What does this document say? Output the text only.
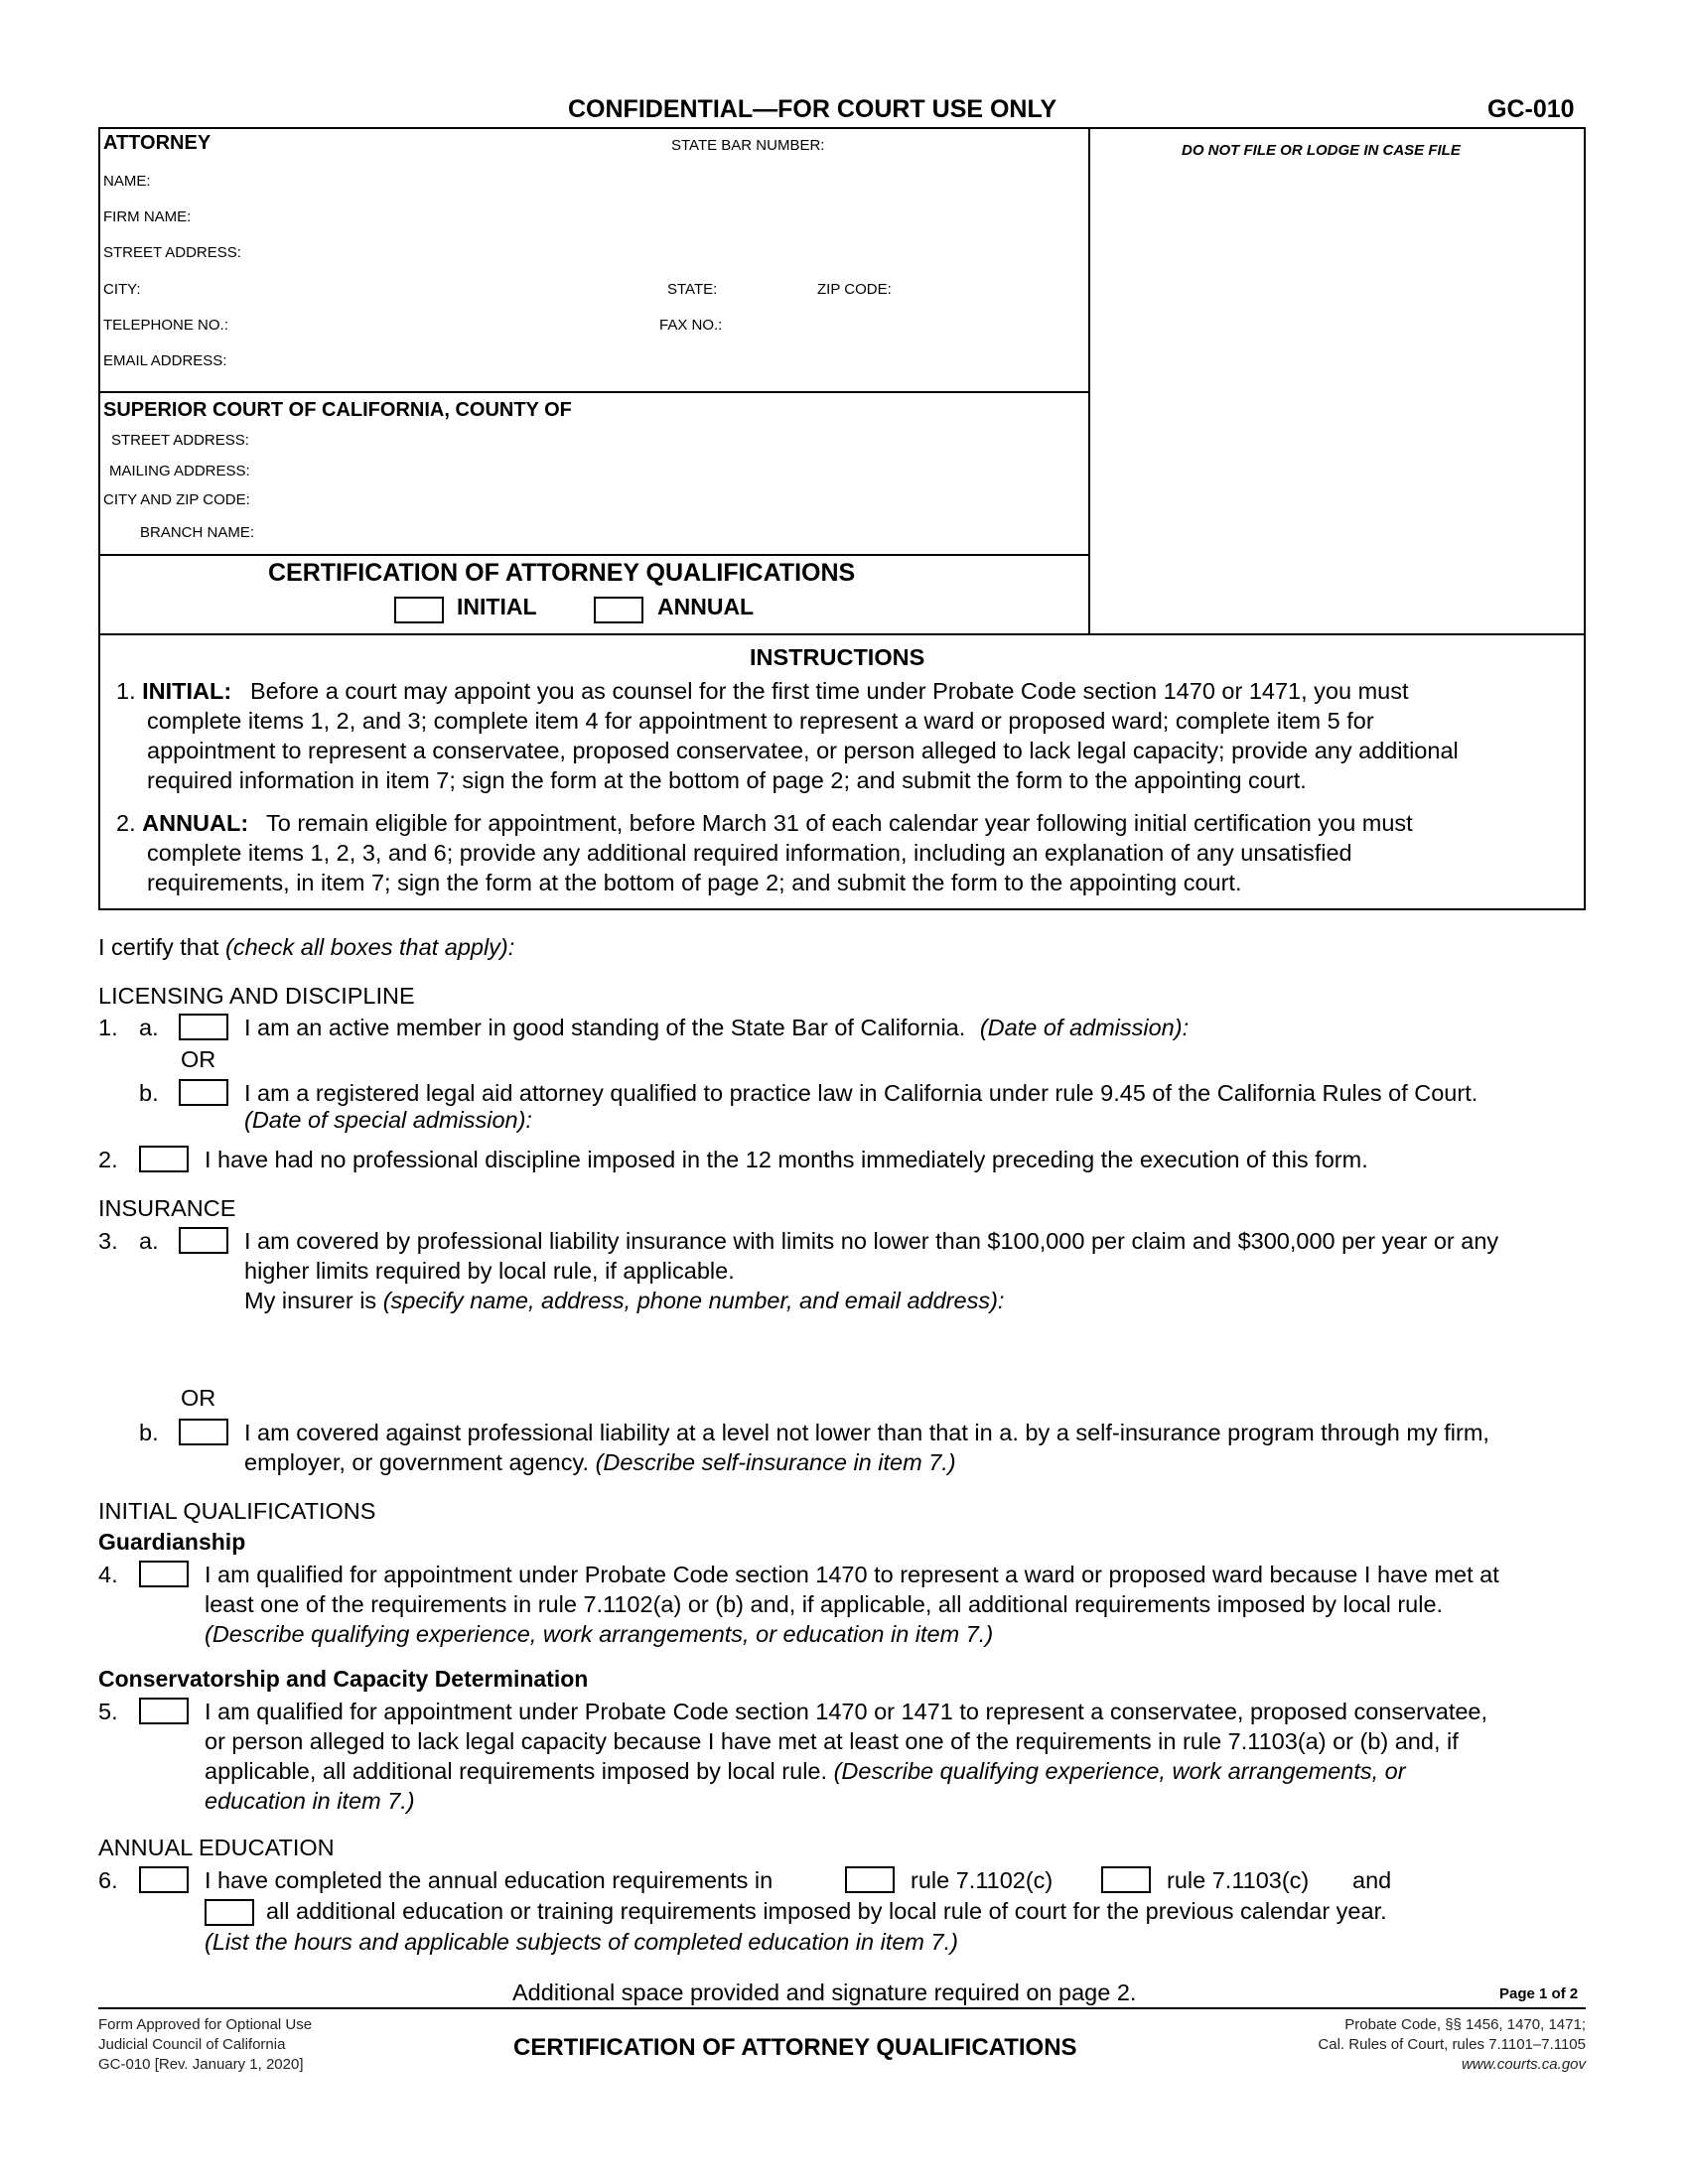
CONFIDENTIAL—FOR COURT USE ONLY	GC-010
ATTORNEY	STATE BAR NUMBER:
NAME:
FIRM NAME:
STREET ADDRESS:
CITY:	STATE:	ZIP CODE:
TELEPHONE NO.:	FAX NO.:
EMAIL ADDRESS:
SUPERIOR COURT OF CALIFORNIA, COUNTY OF
STREET ADDRESS:
MAILING ADDRESS:
CITY AND ZIP CODE:
BRANCH NAME:
DO NOT FILE OR LODGE IN CASE FILE
CERTIFICATION OF ATTORNEY QUALIFICATIONS
INITIAL	ANNUAL
INSTRUCTIONS
1. INITIAL: Before a court may appoint you as counsel for the first time under Probate Code section 1470 or 1471, you must
complete items 1, 2, and 3; complete item 4 for appointment to represent a ward or proposed ward; complete item 5 for
appointment to represent a conservatee, proposed conservatee, or person alleged to lack legal capacity; provide any additional
required information in item 7; sign the form at the bottom of page 2; and submit the form to the appointing court.
2. ANNUAL: To remain eligible for appointment, before March 31 of each calendar year following initial certification you must
complete items 1, 2, 3, and 6; provide any additional required information, including an explanation of any unsatisfied
requirements, in item 7; sign the form at the bottom of page 2; and submit the form to the appointing court.
I certify that (check all boxes that apply):
LICENSING AND DISCIPLINE
1. a.	I am an active member in good standing of the State Bar of California. (Date of admission):
OR
b.	I am a registered legal aid attorney qualified to practice law in California under rule 9.45 of the California Rules of Court.
(Date of special admission):
2.	I have had no professional discipline imposed in the 12 months immediately preceding the execution of this form.
INSURANCE
3. a.	I am covered by professional liability insurance with limits no lower than $100,000 per claim and $300,000 per year or any
higher limits required by local rule, if applicable.
My insurer is (specify name, address, phone number, and email address):
OR
b.	I am covered against professional liability at a level not lower than that in a. by a self-insurance program through my firm,
employer, or government agency. (Describe self-insurance in item 7.)
INITIAL QUALIFICATIONS
Guardianship
4.	I am qualified for appointment under Probate Code section 1470 to represent a ward or proposed ward because I have met at
least one of the requirements in rule 7.1102(a) or (b) and, if applicable, all additional requirements imposed by local rule.
(Describe qualifying experience, work arrangements, or education in item 7.)
Conservatorship and Capacity Determination
5.	I am qualified for appointment under Probate Code section 1470 or 1471 to represent a conservatee, proposed conservatee,
or person alleged to lack legal capacity because I have met at least one of the requirements in rule 7.1103(a) or (b) and, if
applicable, all additional requirements imposed by local rule. (Describe qualifying experience, work arrangements, or
education in item 7.)
ANNUAL EDUCATION
6.	I have completed the annual education requirements in	rule 7.1102(c)	rule 7.1103(c) and
all additional education or training requirements imposed by local rule of court for the previous calendar year.
(List the hours and applicable subjects of completed education in item 7.)
Additional space provided and signature required on page 2.	Page 1 of 2
Form Approved for Optional Use
Judicial Council of California
GC-010 [Rev. January 1, 2020]
CERTIFICATION OF ATTORNEY QUALIFICATIONS
Probate Code, §§ 1456, 1470, 1471;
Cal. Rules of Court, rules 7.1101–7.1105
www.courts.ca.gov
